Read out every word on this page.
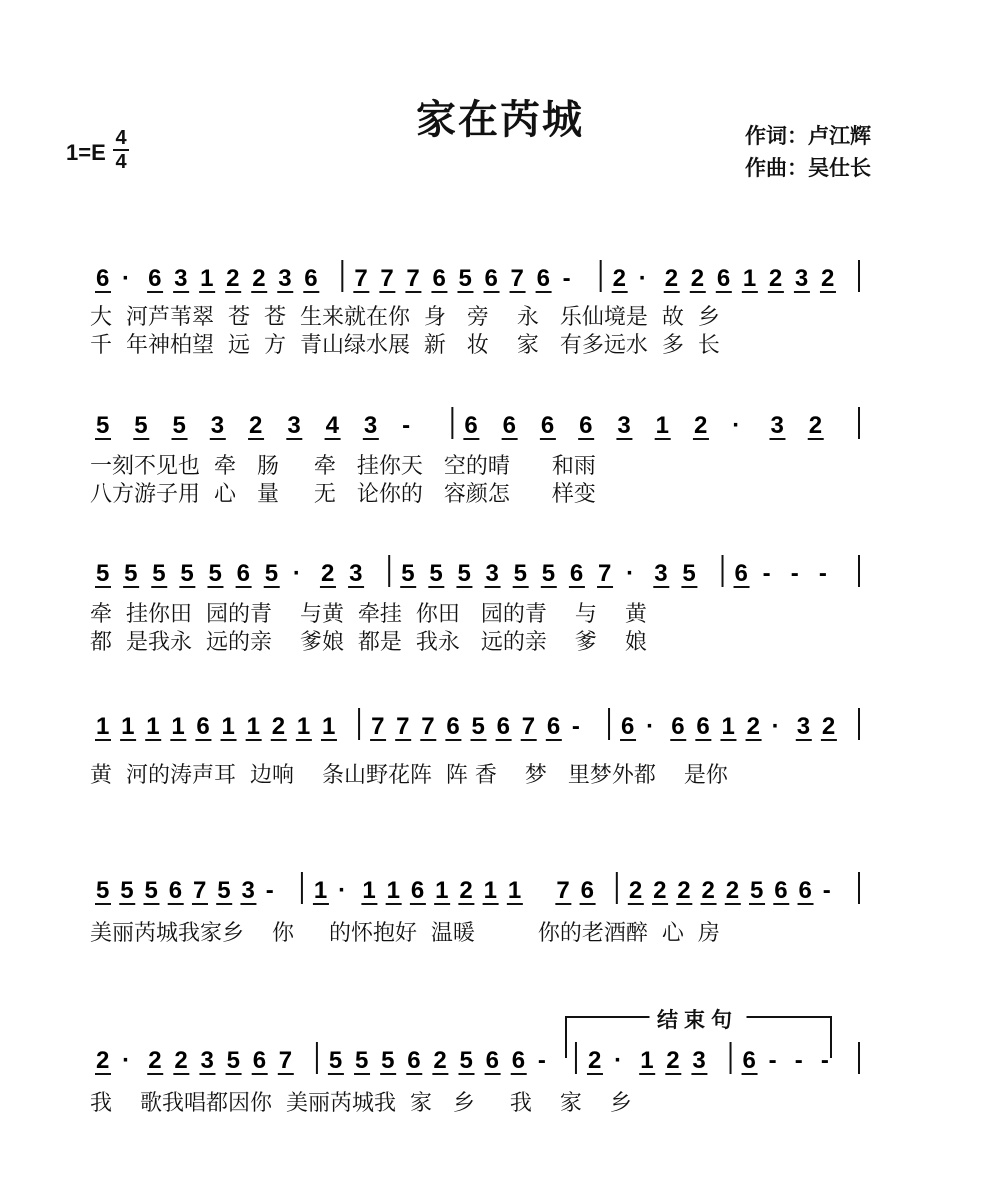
家在芮城
1=E
4
4
作词：卢江辉
作曲：吴仕长
6 · 6 3 1 2 2 3 6 7 7 7 6 5 6 7 6 - 2 · 2 2 6 1 2 3 2
大  河芦苇翠  苍  苍  生来就在你  身   旁    永   乐仙境是  故  乡
千  年神柏望  远  方  青山绿水展  新   妆    家   有多远水  多  长
5 5 5 3 2 3 4 3 - 6 6 6 6 3 1 2 · 3 2
一刻不见也  牵   肠     牵   挂你天   空的晴      和雨
八方游子用  心   量     无   论你的   容颜怎      样变
5 5 5 5 5 6 5 · 2 3 5 5 5 3 5 5 6 7 · 3 5 6 - - -
牵  挂你田  园的青    与黄  牵挂  你田   园的青    与    黄
都  是我永  远的亲    爹娘  都是  我永   远的亲    爹    娘
1 1 1 1 6 1 1 2 1 1 7 7 7 6 5 6 7 6 - 6 · 6 6 1 2 · 3 2
黄  河的涛声耳  边响    条山野花阵  阵 香    梦   里梦外都    是你
5 5 5 6 7 5 3 - 1 · 1 1 6 1 2 1 1 7 6 2 2 2 2 2 5 6 6 -
美丽芮城我家乡    你     的怀抱好  温暖         你的老酒醉  心  房
结束句
2 · 2 2 3 5 6 7 5 5 5 6 2 5 6 6 - 2 · 1 2 3 6 - - -
我    歌我唱都因你  美丽芮城我  家   乡     我    家    乡
